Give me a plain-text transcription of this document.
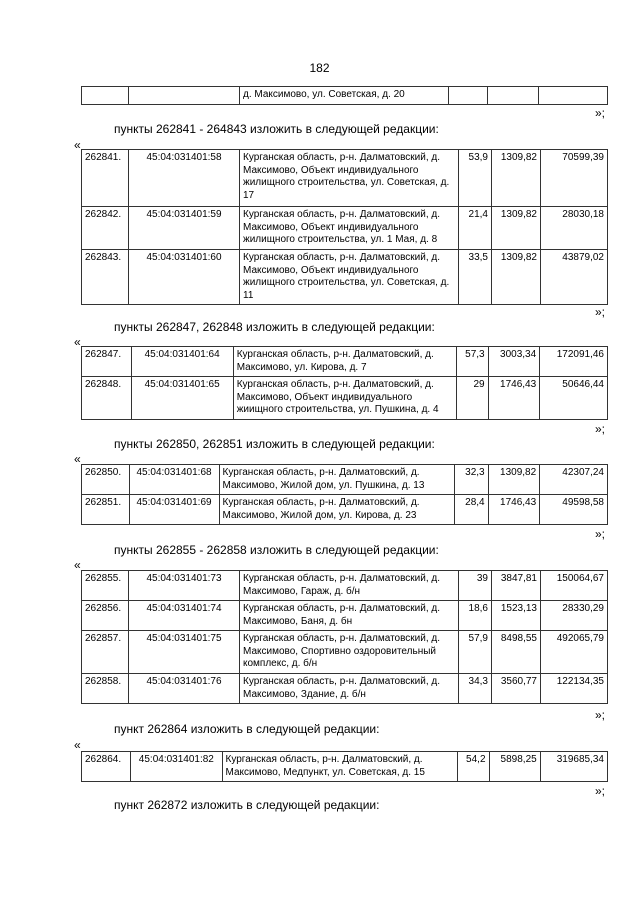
182
		д. Максимово, ул. Советская, д. 20			
»;
пункты 262841 - 264843 изложить в следующей редакции:
«
262841.	45:04:031401:58	Курганская область, р-н. Далматовский, д. Максимово, Объект индивидуального жилищного строительства, ул. Советская, д. 17	53,9	1309,82	70599,39
262842.	45:04:031401:59	Курганская область, р-н. Далматовский, д. Максимово, Объект индивидуального жилищного строительства, ул. 1 Мая, д. 8	21,4	1309,82	28030,18
262843.	45:04:031401:60	Курганская область, р-н. Далматовский, д. Максимово, Объект индивидуального жилищного строительства, ул. Советская, д. 11	33,5	1309,82	43879,02
»;
пункты 262847, 262848 изложить в следующей редакции:
«
262847.	45:04:031401:64	Курганская область, р-н. Далматовский, д. Максимово, ул. Кирова, д. 7	57,3	3003,34	172091,46
262848.	45:04:031401:65	Курганская область, р-н. Далматовский, д. Максимово, Объект индивидуального жиищного строительства, ул. Пушкина, д. 4	29	1746,43	50646,44
»;
пункты 262850, 262851 изложить в следующей редакции:
«
262850.	45:04:031401:68	Курганская область, р-н. Далматовский, д. Максимово, Жилой дом, ул. Пушкина, д. 13	32,3	1309,82	42307,24
262851.	45:04:031401:69	Курганская область, р-н. Далматовский, д. Максимово, Жилой дом, ул. Кирова, д. 23	28,4	1746,43	49598,58
»;
пункты 262855 - 262858 изложить в следующей редакции:
«
262855.	45:04:031401:73	Курганская область, р-н. Далматовский, д. Максимово, Гараж, д. б/н	39	3847,81	150064,67
262856.	45:04:031401:74	Курганская область, р-н. Далматовский, д. Максимово, Баня, д. бн	18,6	1523,13	28330,29
262857.	45:04:031401:75	Курганская область, р-н. Далматовский, д. Максимово, Спортивно оздоровительный комплекс, д. б/н	57,9	8498,55	492065,79
262858.	45:04:031401:76	Курганская область, р-н. Далматовский, д. Максимово, Здание, д. б/н	34,3	3560,77	122134,35
»;
пункт 262864 изложить в следующей редакции:
«
262864.	45:04:031401:82	Курганская область, р-н. Далматовский, д. Максимово, Медпункт, ул. Советская, д. 15	54,2	5898,25	319685,34
»;
пункт 262872 изложить в следующей редакции:
